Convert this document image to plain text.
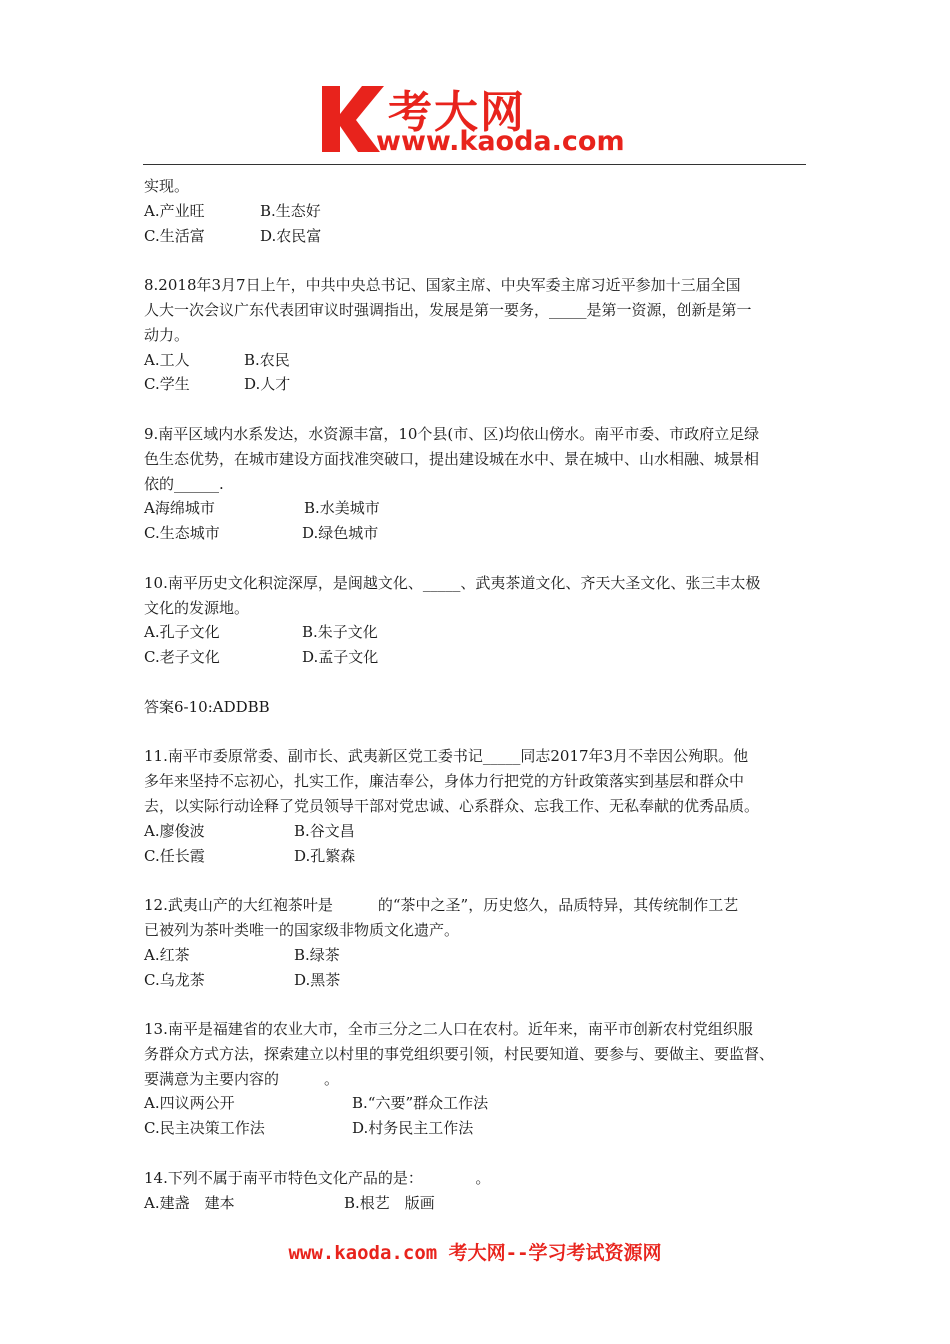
考大网
www.kaoda.com
实现。
A.产业旺	B.生态好
C.生活富	D.农民富
8.2018年3月7日上午，中共中央总书记、国家主席、中央军委主席习近平参加十三届全国
人大一次会议广东代表团审议时强调指出，发展是第一要务，_____是第一资源，创新是第一
动力。
A.工人	B.农民
C.学生	D.人才
9.南平区域内水系发达，水资源丰富，10个县(市、区)均依山傍水。南平市委、市政府立足绿
色生态优势，在城市建设方面找准突破口，提出建设城在水中、景在城中、山水相融、城景相
依的______.
A海绵城市	B.水美城市
C.生态城市	D.绿色城市
10.南平历史文化积淀深厚，是闽越文化、_____、武夷茶道文化、齐天大圣文化、张三丰太极
文化的发源地。
A.孔子文化	B.朱子文化
C.老子文化	D.孟子文化
答案6-10:ADDBB
11.南平市委原常委、副市长、武夷新区党工委书记_____同志2017年3月不幸因公殉职。他
多年来坚持不忘初心，扎实工作，廉洁奉公，身体力行把党的方针政策落实到基层和群众中
去，以实际行动诠释了党员领导干部对党忠诚、心系群众、忘我工作、无私奉献的优秀品质。
A.廖俊波	B.谷文昌
C.任长霞	D.孔繁森
12.武夷山产的大红袍茶叶是　　　的“茶中之圣”，历史悠久，品质特异，其传统制作工艺
已被列为茶叶类唯一的国家级非物质文化遗产。
A.红茶	B.绿茶
C.乌龙茶	D.黑茶
13.南平是福建省的农业大市，全市三分之二人口在农村。近年来，南平市创新农村党组织服
务群众方式方法，探索建立以村里的事党组织要引领，村民要知道、要参与、要做主、要监督、
要满意为主要内容的　　　。
A.四议两公开	B.“六要”群众工作法
C.民主决策工作法	D.村务民主工作法
14.下列不属于南平市特色文化产品的是：　　　　。
A.建盏　建本	B.根艺　版画
www.kaoda.com 考大网--学习考试资源网
